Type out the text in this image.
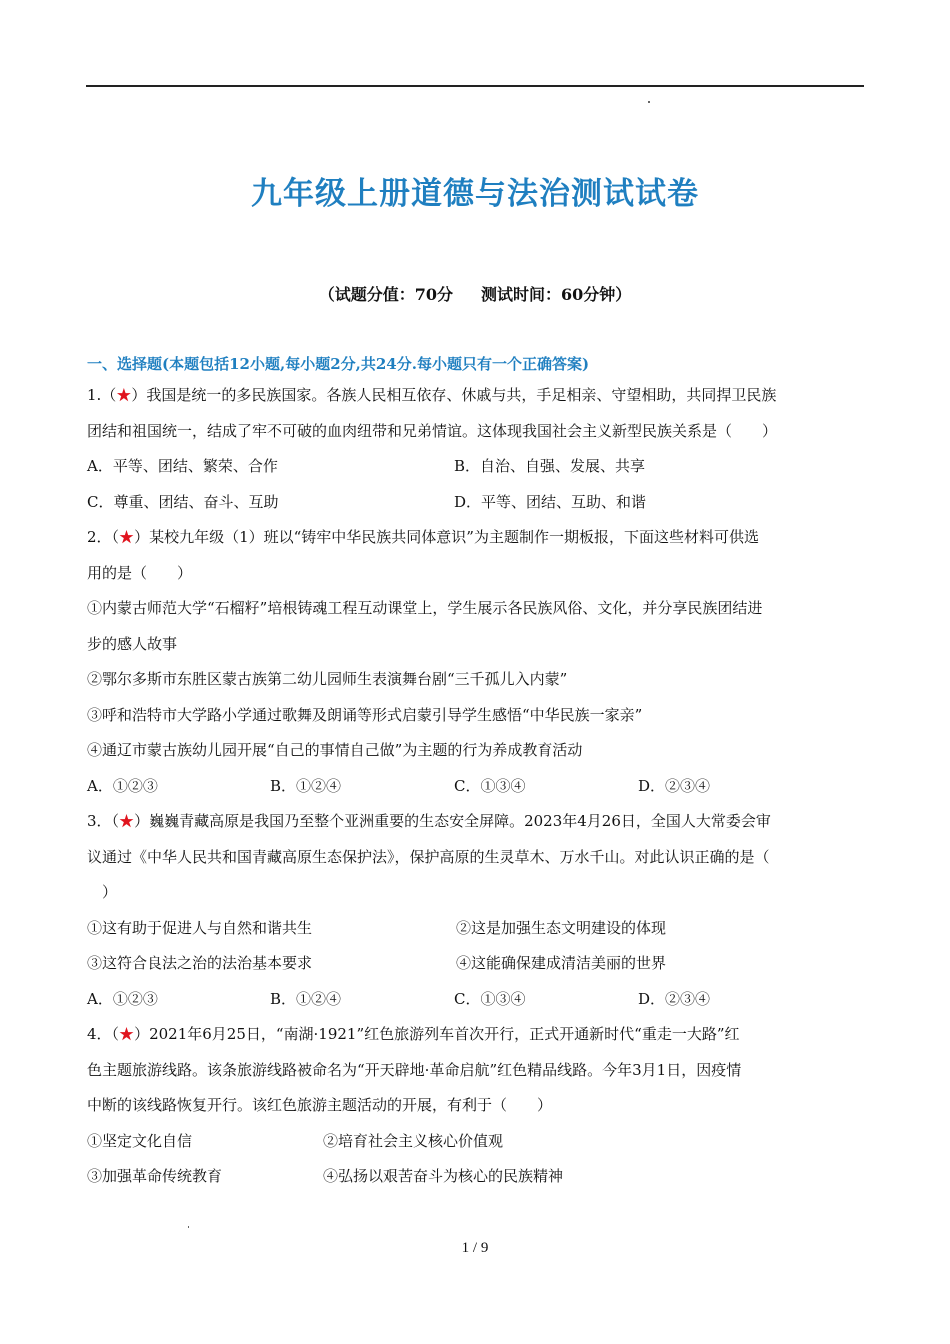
九年级上册道德与法治测试试卷
（试题分值：70分 测试时间：60分钟）
一、选择题(本题包括12小题,每小题2分,共24分.每小题只有一个正确答案)
1.（★）我国是统一的多民族国家。各族人民相互依存、休戚与共，手足相亲、守望相助，共同捍卫民族
团结和祖国统一，结成了牢不可破的血肉纽带和兄弟情谊。这体现我国社会主义新型民族关系是（　　）
A．平等、团结、繁荣、合作	B．自治、自强、发展、共享
C．尊重、团结、奋斗、互助	D．平等、团结、互助、和谐
2．（★）某校九年级（1）班以“铸牢中华民族共同体意识”为主题制作一期板报，下面这些材料可供选
用的是（　　）
①内蒙古师范大学“石榴籽”培根铸魂工程互动课堂上，学生展示各民族风俗、文化，并分享民族团结进
步的感人故事
②鄂尔多斯市东胜区蒙古族第二幼儿园师生表演舞台剧“三千孤儿入内蒙”
③呼和浩特市大学路小学通过歌舞及朗诵等形式启蒙引导学生感悟“中华民族一家亲”
④通辽市蒙古族幼儿园开展“自己的事情自己做”为主题的行为养成教育活动
A．①②③	B．①②④	C．①③④	D．②③④
3．（★）巍巍青藏高原是我国乃至整个亚洲重要的生态安全屏障。2023年4月26日，全国人大常委会审
议通过《中华人民共和国青藏高原生态保护法》，保护高原的生灵草木、万水千山。对此认识正确的是（
　）
①这有助于促进人与自然和谐共生	②这是加强生态文明建设的体现
③这符合良法之治的法治基本要求	④这能确保建成清洁美丽的世界
A．①②③	B．①②④	C．①③④	D．②③④
4．（★）2021年6月25日，“南湖·1921”红色旅游列车首次开行，正式开通新时代“重走一大路”红
色主题旅游线路。该条旅游线路被命名为“开天辟地·革命启航”红色精品线路。今年3月1日，因疫情
中断的该线路恢复开行。该红色旅游主题活动的开展，有利于（　　）
①坚定文化自信	②培育社会主义核心价值观
③加强革命传统教育	④弘扬以艰苦奋斗为核心的民族精神
1 / 9
